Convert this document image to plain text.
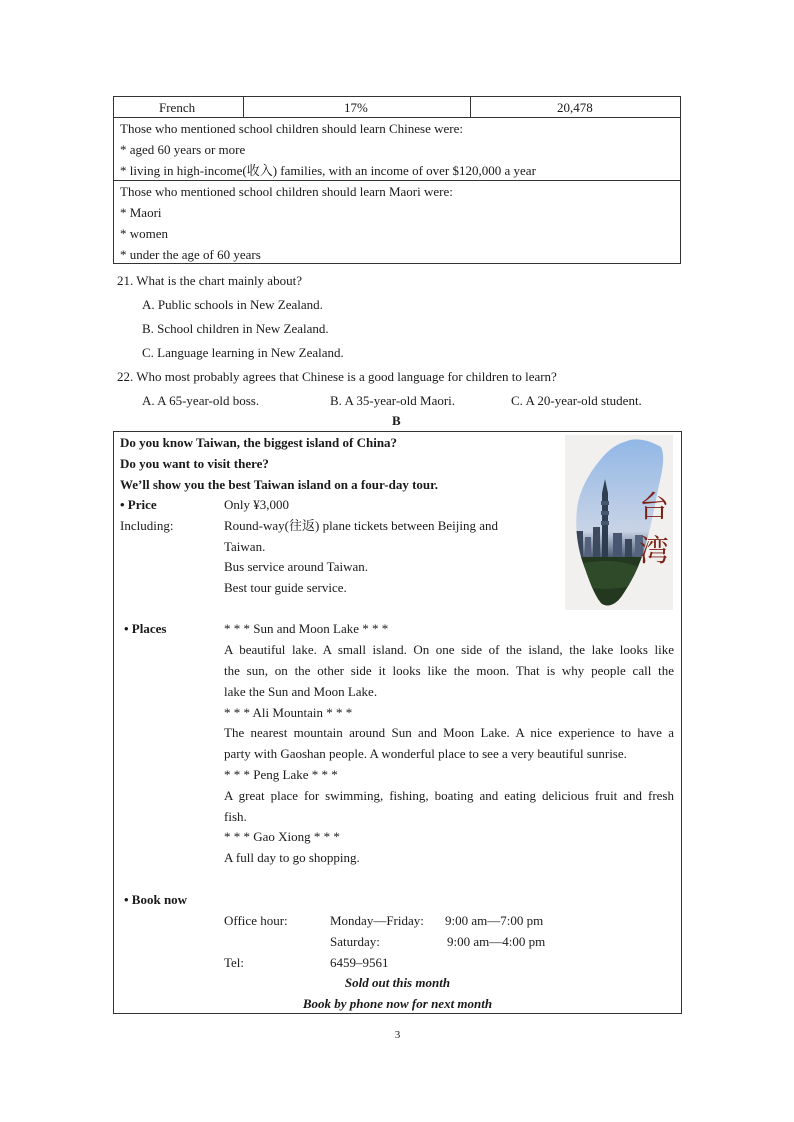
French	17%	20,478
Those who mentioned school children should learn Chinese were:
* aged 60 years or more
* living in high-income(收入) families, with an income of over $120,000 a year
Those who mentioned school children should learn Maori were:
* Maori
* women
* under the age of 60 years
21. What is the chart mainly about?
A. Public schools in New Zealand.
B. School children in New Zealand.
C. Language learning in New Zealand.
22. Who most probably agrees that Chinese is a good language for children to learn?
A. A 65-year-old boss.	B. A 35-year-old Maori.	C. A 20-year-old student.
B
Do you know Taiwan, the biggest island of China?
Do you want to visit there?
We’ll show you the best Taiwan island on a four-day tour.
• Price	Only ¥3,000
Including:	Round-way(往返) plane tickets between Beijing and
Taiwan.
Bus service around Taiwan.
Best tour guide service.
台
湾
• Places	* * * Sun and Moon Lake * * *
A beautiful lake. A small island. On one side of the island, the lake looks like
the sun, on the other side it looks like the moon. That is why people call the
lake the Sun and Moon Lake.
* * * Ali Mountain * * *
The nearest mountain around Sun and Moon Lake. A nice experience to have a
party with Gaoshan people. A wonderful place to see a very beautiful sunrise.
* * * Peng Lake * * *
A great place for swimming, fishing, boating and eating delicious fruit and fresh
fish.
* * * Gao Xiong * * *
A full day to go shopping.
• Book now
Office hour:	Monday—Friday: 9:00 am—7:00 pm
Saturday:	9:00 am—4:00 pm
Tel:	6459–9561
Sold out this month
Book by phone now for next month
3
